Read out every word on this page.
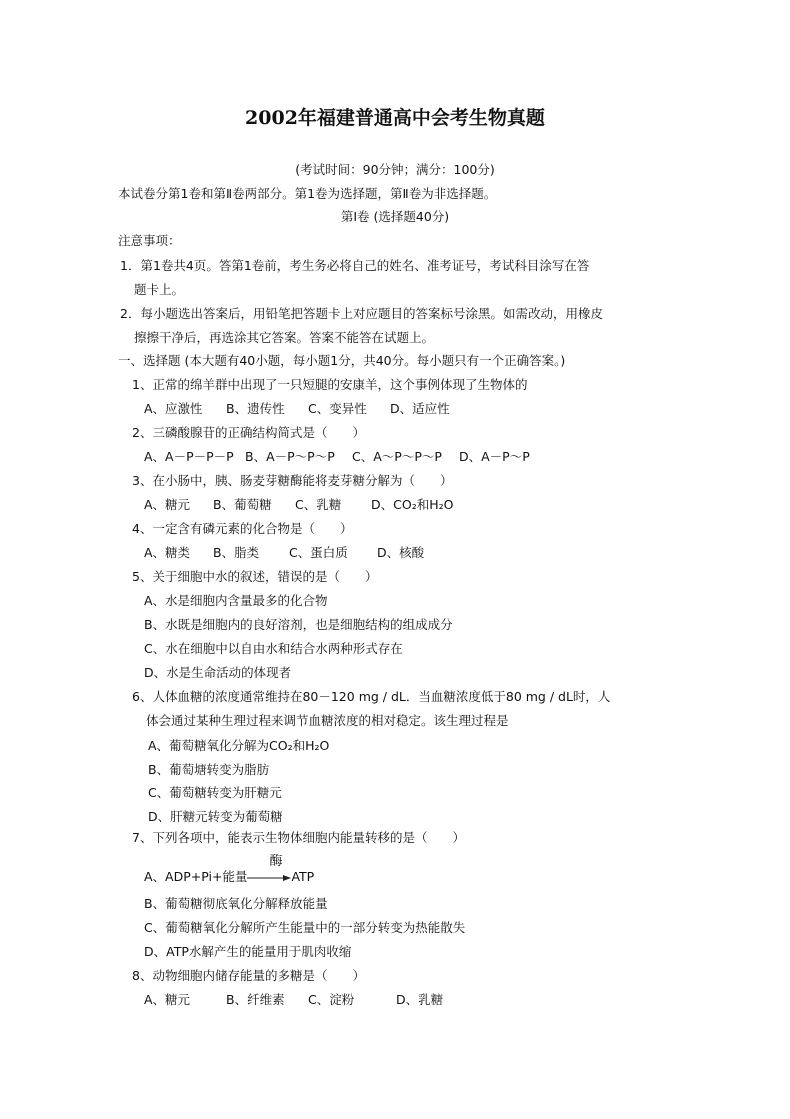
2002年福建普通高中会考生物真题
(考试时间：90分钟；满分：100分)
本试卷分第1卷和第Ⅱ卷两部分。第1卷为选择题，第Ⅱ卷为非选择题。
第Ⅰ卷 (选择题40分)
注意事项：
1．第1卷共4页。答第1卷前，考生务必将自己的姓名、准考证号，考试科目涂写在答
题卡上。
2．每小题选出答案后，用铅笔把答题卡上对应题目的答案标号涂黑。如需改动，用橡皮
擦擦干净后，再选涂其它答案。答案不能答在试题上。
一、选择题 (本大题有40小题，每小题1分，共40分。每小题只有一个正确答案。)
1、正常的绵羊群中出现了一只短腿的安康羊，这个事例体现了生物体的
A、应激性 B、遗传性 C、变异性 D、适应性
2、三磷酸腺苷的正确结构简式是（　　）
A、A－P－P－P B、A－P～P～P C、A～P～P～P D、A－P～P
3、在小肠中，胰、肠麦芽糖酶能将麦芽糖分解为（　　）
A、糖元 B、葡萄糖 C、乳糖 D、CO₂和H₂O
4、一定含有磷元素的化合物是（　　）
A、糖类 B、脂类 C、蛋白质 D、核酸
5、关于细胞中水的叙述，错误的是（　　）
A、水是细胞内含量最多的化合物
B、水既是细胞内的良好溶剂，也是细胞结构的组成成分
C、水在细胞中以自由水和结合水两种形式存在
D、水是生命活动的体现者
6、人体血糖的浓度通常维持在80－120 mg / dL．当血糖浓度低于80 mg / dL时，人
体会通过某种生理过程来调节血糖浓度的相对稳定。该生理过程是
A、葡萄糖氧化分解为CO₂和H₂O
B、葡萄塘转变为脂肪
C、葡萄糖转变为肝糖元
D、肝糖元转变为葡萄糖
7、下列各项中，能表示生物体细胞内能量转移的是（　　）
A、ADP+Pi+能量
酶
ATP
B、葡萄糖彻底氧化分解释放能量
C、葡萄糖氧化分解所产生能量中的一部分转变为热能散失
D、ATP水解产生的能量用于肌肉收缩
8、动物细胞内储存能量的多糖是（　　）
A、糖元	B、纤维素 C、淀粉	D、乳糖
